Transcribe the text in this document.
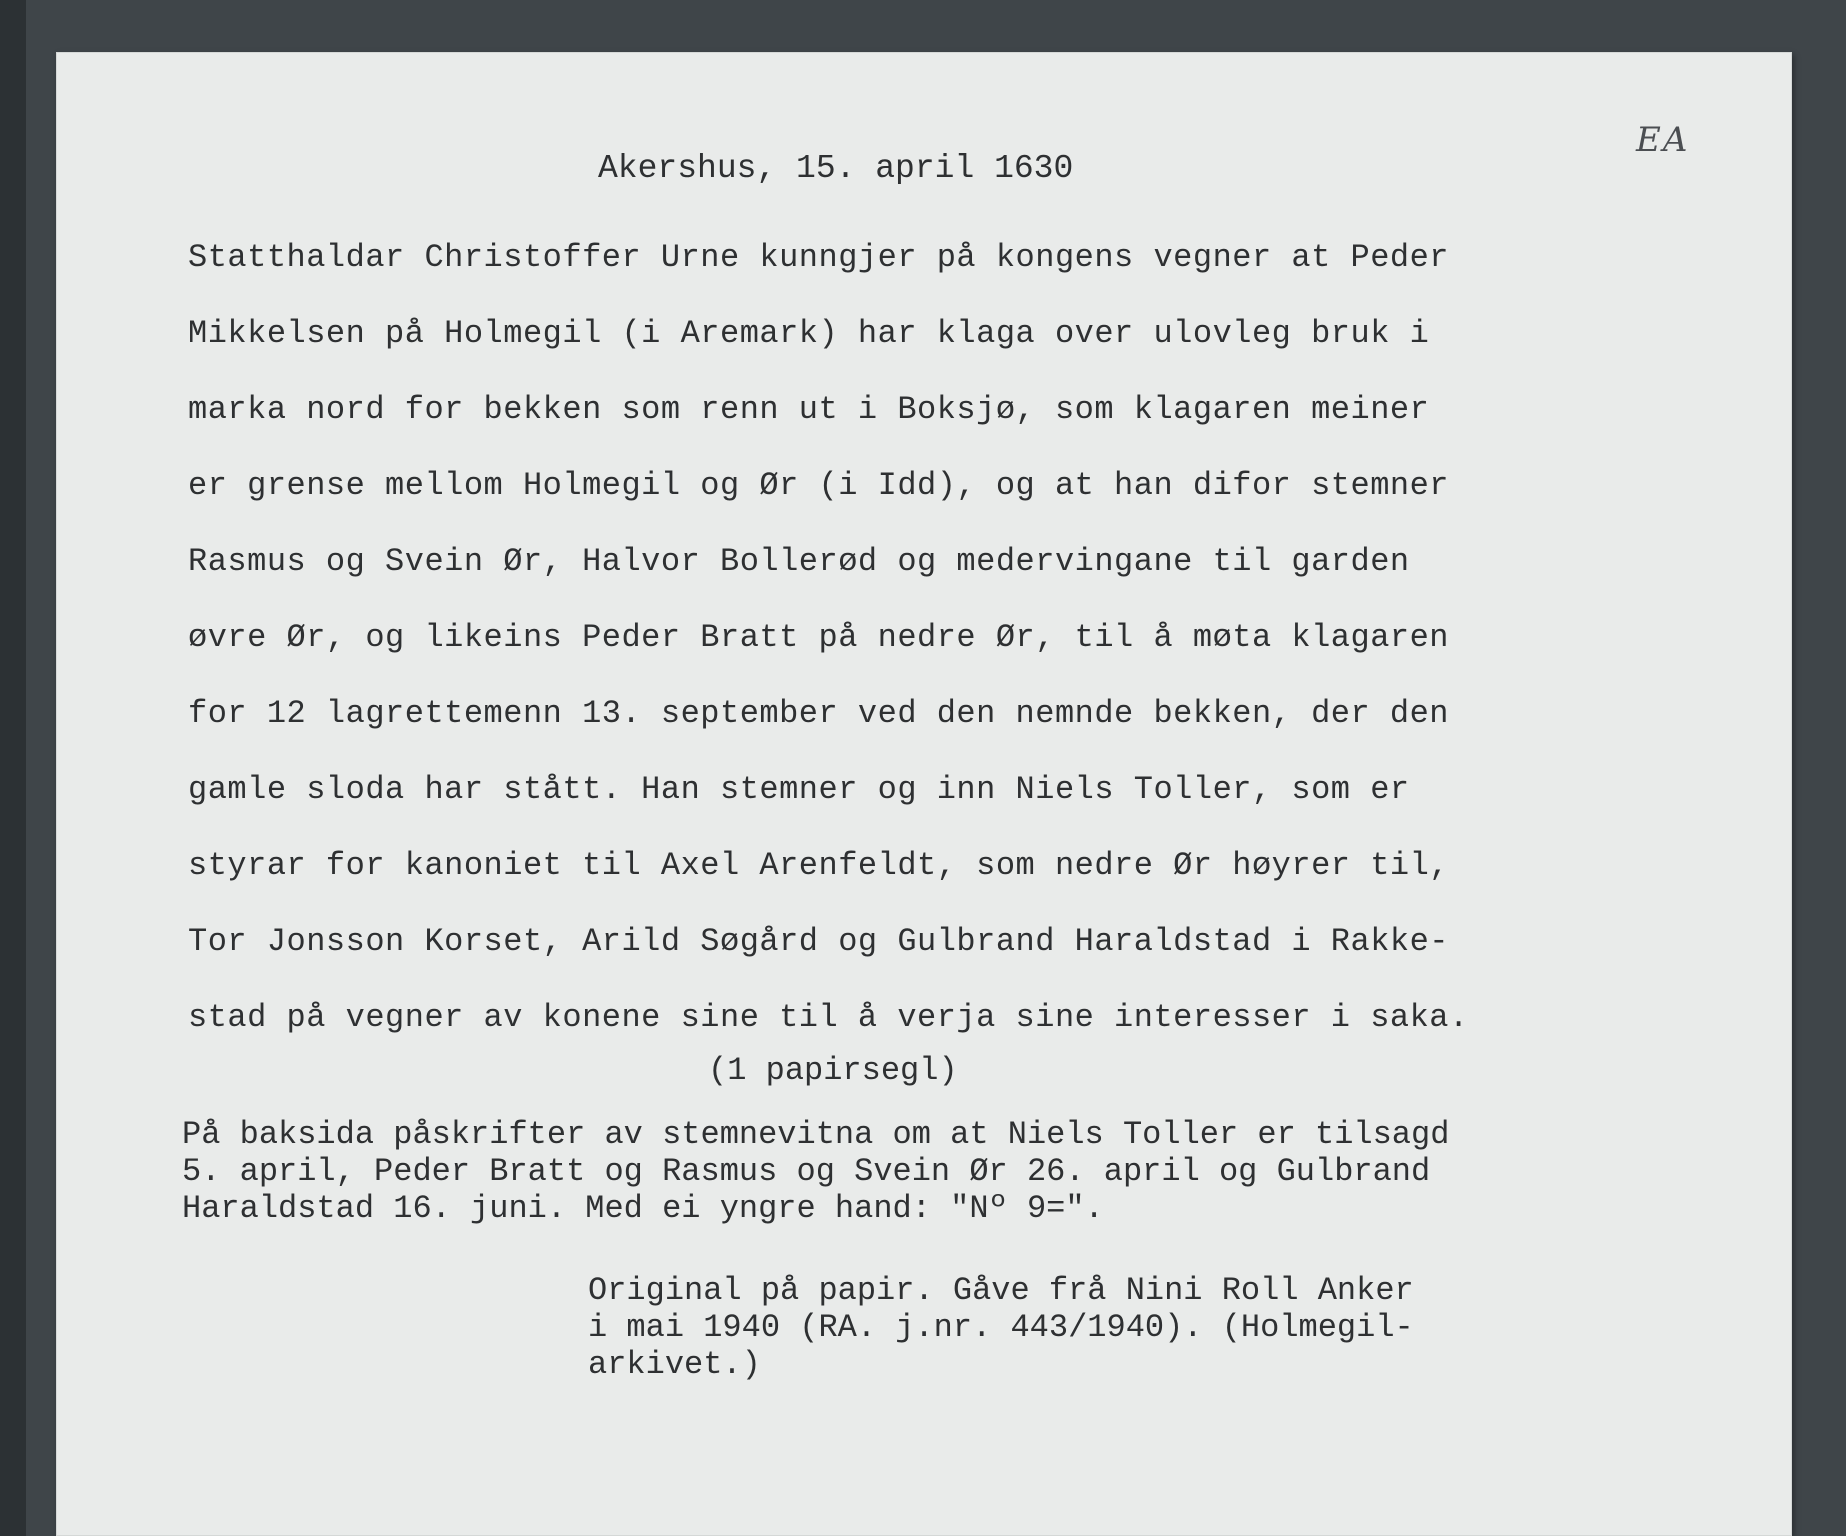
EA
Akershus, 15. april 1630
Statthaldar Christoffer Urne kunngjer på kongens vegner at Peder
Mikkelsen på Holmegil (i Aremark) har klaga over ulovleg bruk i
marka nord for bekken som renn ut i Boksjø, som klagaren meiner
er grense mellom Holmegil og Ør (i Idd), og at han difor stemner
Rasmus og Svein Ør, Halvor Bollerød og medervingane til garden
øvre Ør, og likeins Peder Bratt på nedre Ør, til å møta klagaren
for 12 lagrettemenn 13. september ved den nemnde bekken, der den
gamle sloda har stått. Han stemner og inn Niels Toller, som er
styrar for kanoniet til Axel Arenfeldt, som nedre Ør høyrer til,
Tor Jonsson Korset, Arild Søgård og Gulbrand Haraldstad i Rakke-
stad på vegner av konene sine til å verja sine interesser i saka.
(1 papirsegl)
På baksida påskrifter av stemnevitna om at Niels Toller er tilsagd
5. april, Peder Bratt og Rasmus og Svein Ør 26. april og Gulbrand
Haraldstad 16. juni. Med ei yngre hand: "Nº 9=".
Original på papir. Gåve frå Nini Roll Anker
i mai 1940 (RA. j.nr. 443/1940). (Holmegil-
arkivet.)
